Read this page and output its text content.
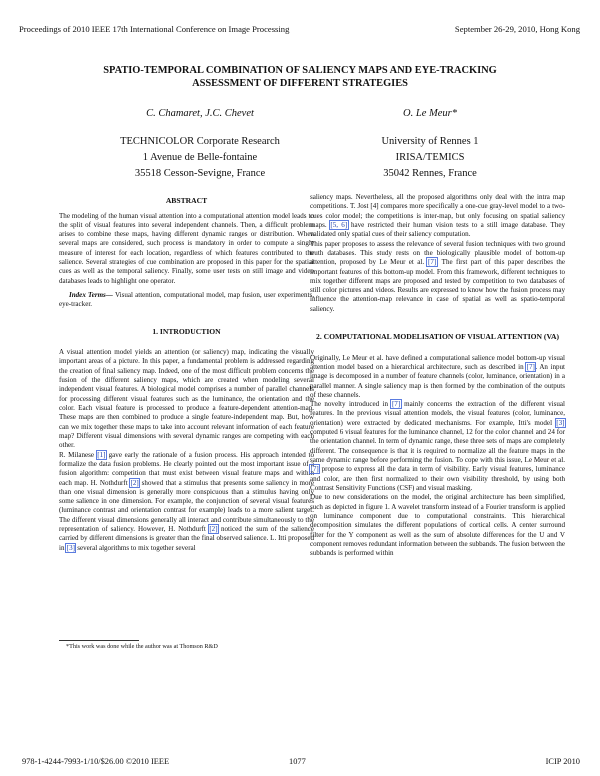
Proceedings of 2010 IEEE 17th International Conference on Image Processing	September 26-29, 2010, Hong Kong
SPATIO-TEMPORAL COMBINATION OF SALIENCY MAPS AND EYE-TRACKING
ASSESSMENT OF DIFFERENT STRATEGIES
C. Chamaret, J.C. Chevet
TECHNICOLOR Corporate Research
1 Avenue de Belle-fontaine
35518 Cesson-Sevigne, France
O. Le Meur*
University of Rennes 1
IRISA/TEMICS
35042 Rennes, France
ABSTRACT

The modeling of the human visual attention into a computational attention model leads to the split of visual features into several independent channels. Then, a difficult problem arises to combine these maps, having different dynamic ranges or distribution. When several maps are considered, such process is mandatory in order to compute a single measure of interest for each location, regardless of which features contributed to the salience. Several strategies of cue combination are proposed in this paper for the spatial cues as well as the temporal saliency. Finally, some user tests on still image and video databases leads to highlight one operator.

Index Terms— Visual attention, computational model, map fusion, user experiments, eye-tracker.

1. INTRODUCTION

A visual attention model yields an attention (or saliency) map, indicating the visually important areas of a picture. In this paper, a fundamental problem is addressed regarding the creation of final saliency map. Indeed, one of the most difficult problem concerns the fusion of the different saliency maps, which are created when modeling several independent visual features. A biological model comprises a number of parallel channels for processing different visual features such as the luminance, the orientation and the color. Each visual feature is processed to produce a feature-dependent attention-map. These maps are then combined to produce a single feature-independent map. But, how can we mix together these maps to take into account relevant information of each feature map? Different visual dimensions with several dynamic ranges are competing with each other.

R. Milanese [1] gave early the rationale of a fusion process. His approach intended to formalize the data fusion problems. He clearly pointed out the most important issue of a fusion algorithm: competition that must exist between visual feature maps and within each map. H. Nothdurft [2] showed that a stimulus that presents some saliency in more than one visual dimension is generally more conspicuous than a stimulus having only some salience in one dimension. For example, the conjunction of several visual features (luminance contrast and orientation contrast for example) leads to a more salient target. The different visual dimensions generally all interact and contribute simultaneously to the representation of saliency. However, H. Nothdurft [2] noticed the sum of the salience carried by different dimensions is greater than the final observed salience. L. Itti proposed in [3] several algorithms to mix together several

*This work was done while the author was at Thomson R&D

saliency maps. Nevertheless, all the proposed algorithms only deal with the intra map competitions. T. Jost [4] compares more specifically a one-cue gray-level model to a two-cues color model; the competitions is inter-map, but only focusing on spatial saliency maps. [5, 6] have restricted their human vision tests to a still image database. They validated only spatial cues of their saliency computation.

This paper proposes to assess the relevance of several fusion techniques with two ground truth databases. This study rests on the biologically plausible model of bottom-up attention, proposed by Le Meur et al. [7]. The first part of this paper describes the important features of this bottom-up model. From this framework, different techniques to mix together different maps are proposed and tested by competition to two databases of still color pictures and videos. Results are expressed to know how the fusion process may influence the attention-map relevance in case of spatial as well as spatio-temporal saliency.

2. COMPUTATIONAL MODELISATION OF VISUAL ATTENTION (VA)

Originally, Le Meur et al. have defined a computational salience model bottom-up visual attention model based on a hierarchical architecture, such as described in [7]. An input image is decomposed in a number of feature channels (color, luminance, orientation) in a parallel manner. A single saliency map is then formed by the combination of the outputs of these channels.

The novelty introduced in [7] mainly concerns the extraction of the different visual features. In the previous visual attention models, the visual features (color, luminance, orientation) were extracted by dedicated mechanisms. For example, Itti's model [3] computed 6 visual features for the luminance channel, 12 for the color channel and 24 for the orientation channel. In term of dynamic range, these three sets of maps are completely different. The consequence is that it is required to normalize all the feature maps in the same dynamic range before performing the fusion. To cope with this issue, Le Meur et al. [7] propose to express all the data in term of visibility. Early visual features, luminance and color, are then first normalized to their own visibility threshold, by using both Contrast Sensitivity Functions (CSF) and visual masking.

Due to new considerations on the model, the original architecture has been simplified, such as depicted in figure 1. A wavelet transform instead of a Fourier transform is applied on luminance component due to computational constraints. This hierarchical decomposition simulates the different populations of cortical cells. A center surround filter for the Y component as well as the sum of absolute differences for the U and V component removes redundant information between the subbands. The fusion between the subbands is performed within

978-1-4244-7993-1/10/$26.00 ©2010 IEEE	1077	ICIP 2010
